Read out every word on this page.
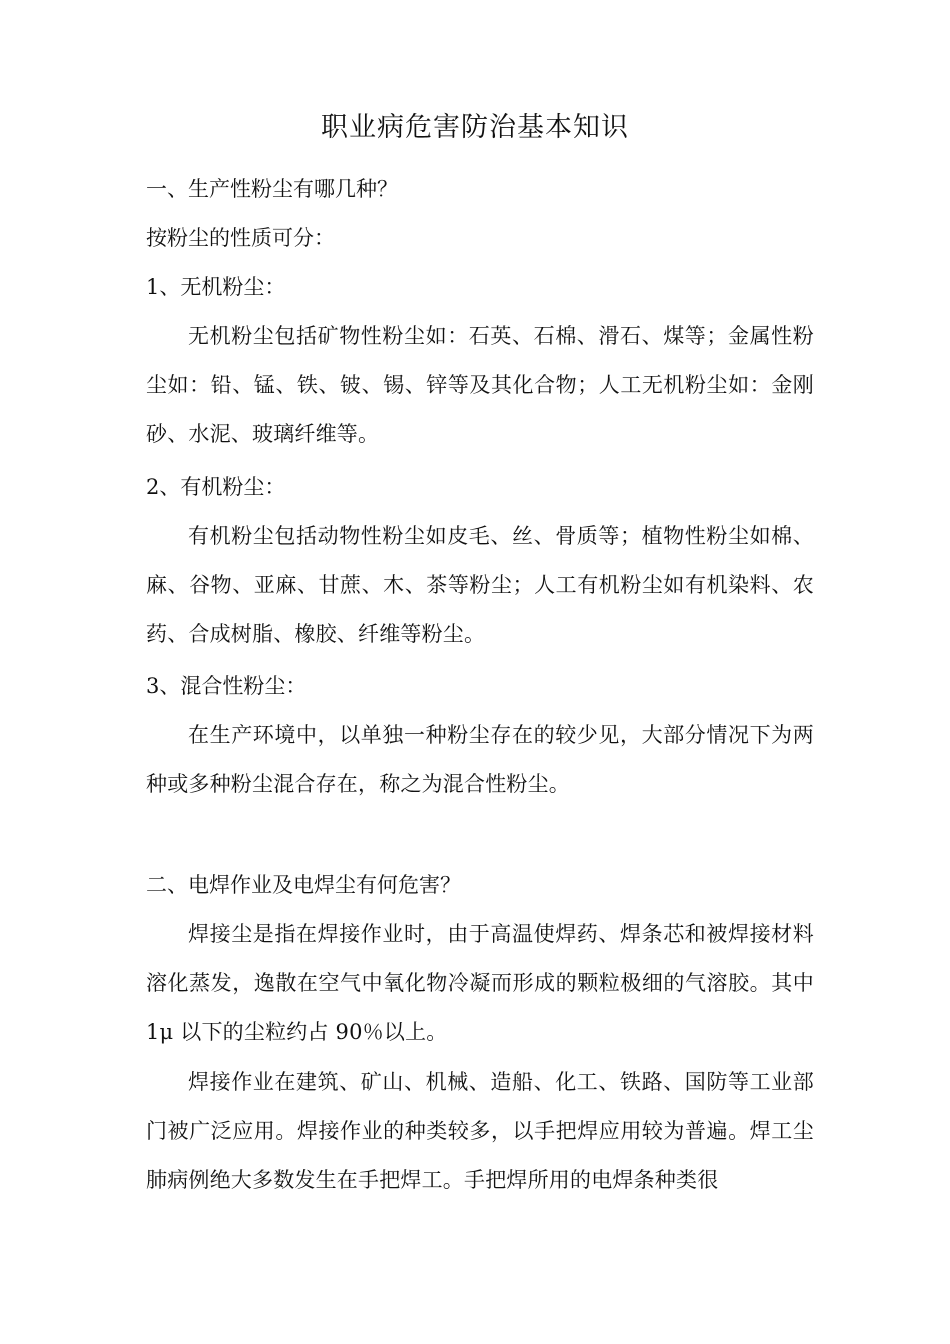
职业病危害防治基本知识
一、生产性粉尘有哪几种？
按粉尘的性质可分：
1、无机粉尘：
无机粉尘包括矿物性粉尘如：石英、石棉、滑石、煤等；金属性粉尘如：铅、锰、铁、铍、锡、锌等及其化合物；人工无机粉尘如：金刚砂、水泥、玻璃纤维等。
2、有机粉尘：
有机粉尘包括动物性粉尘如皮毛、丝、骨质等；植物性粉尘如棉、麻、谷物、亚麻、甘蔗、木、茶等粉尘；人工有机粉尘如有机染料、农药、合成树脂、橡胶、纤维等粉尘。
3、混合性粉尘：
在生产环境中，以单独一种粉尘存在的较少见，大部分情况下为两种或多种粉尘混合存在，称之为混合性粉尘。
二、电焊作业及电焊尘有何危害？
焊接尘是指在焊接作业时，由于高温使焊药、焊条芯和被焊接材料溶化蒸发，逸散在空气中氧化物冷凝而形成的颗粒极细的气溶胶。其中 1μ 以下的尘粒约占 90％以上。
焊接作业在建筑、矿山、机械、造船、化工、铁路、国防等工业部门被广泛应用。焊接作业的种类较多，以手把焊应用较为普遍。焊工尘肺病例绝大多数发生在手把焊工。手把焊所用的电焊条种类很
